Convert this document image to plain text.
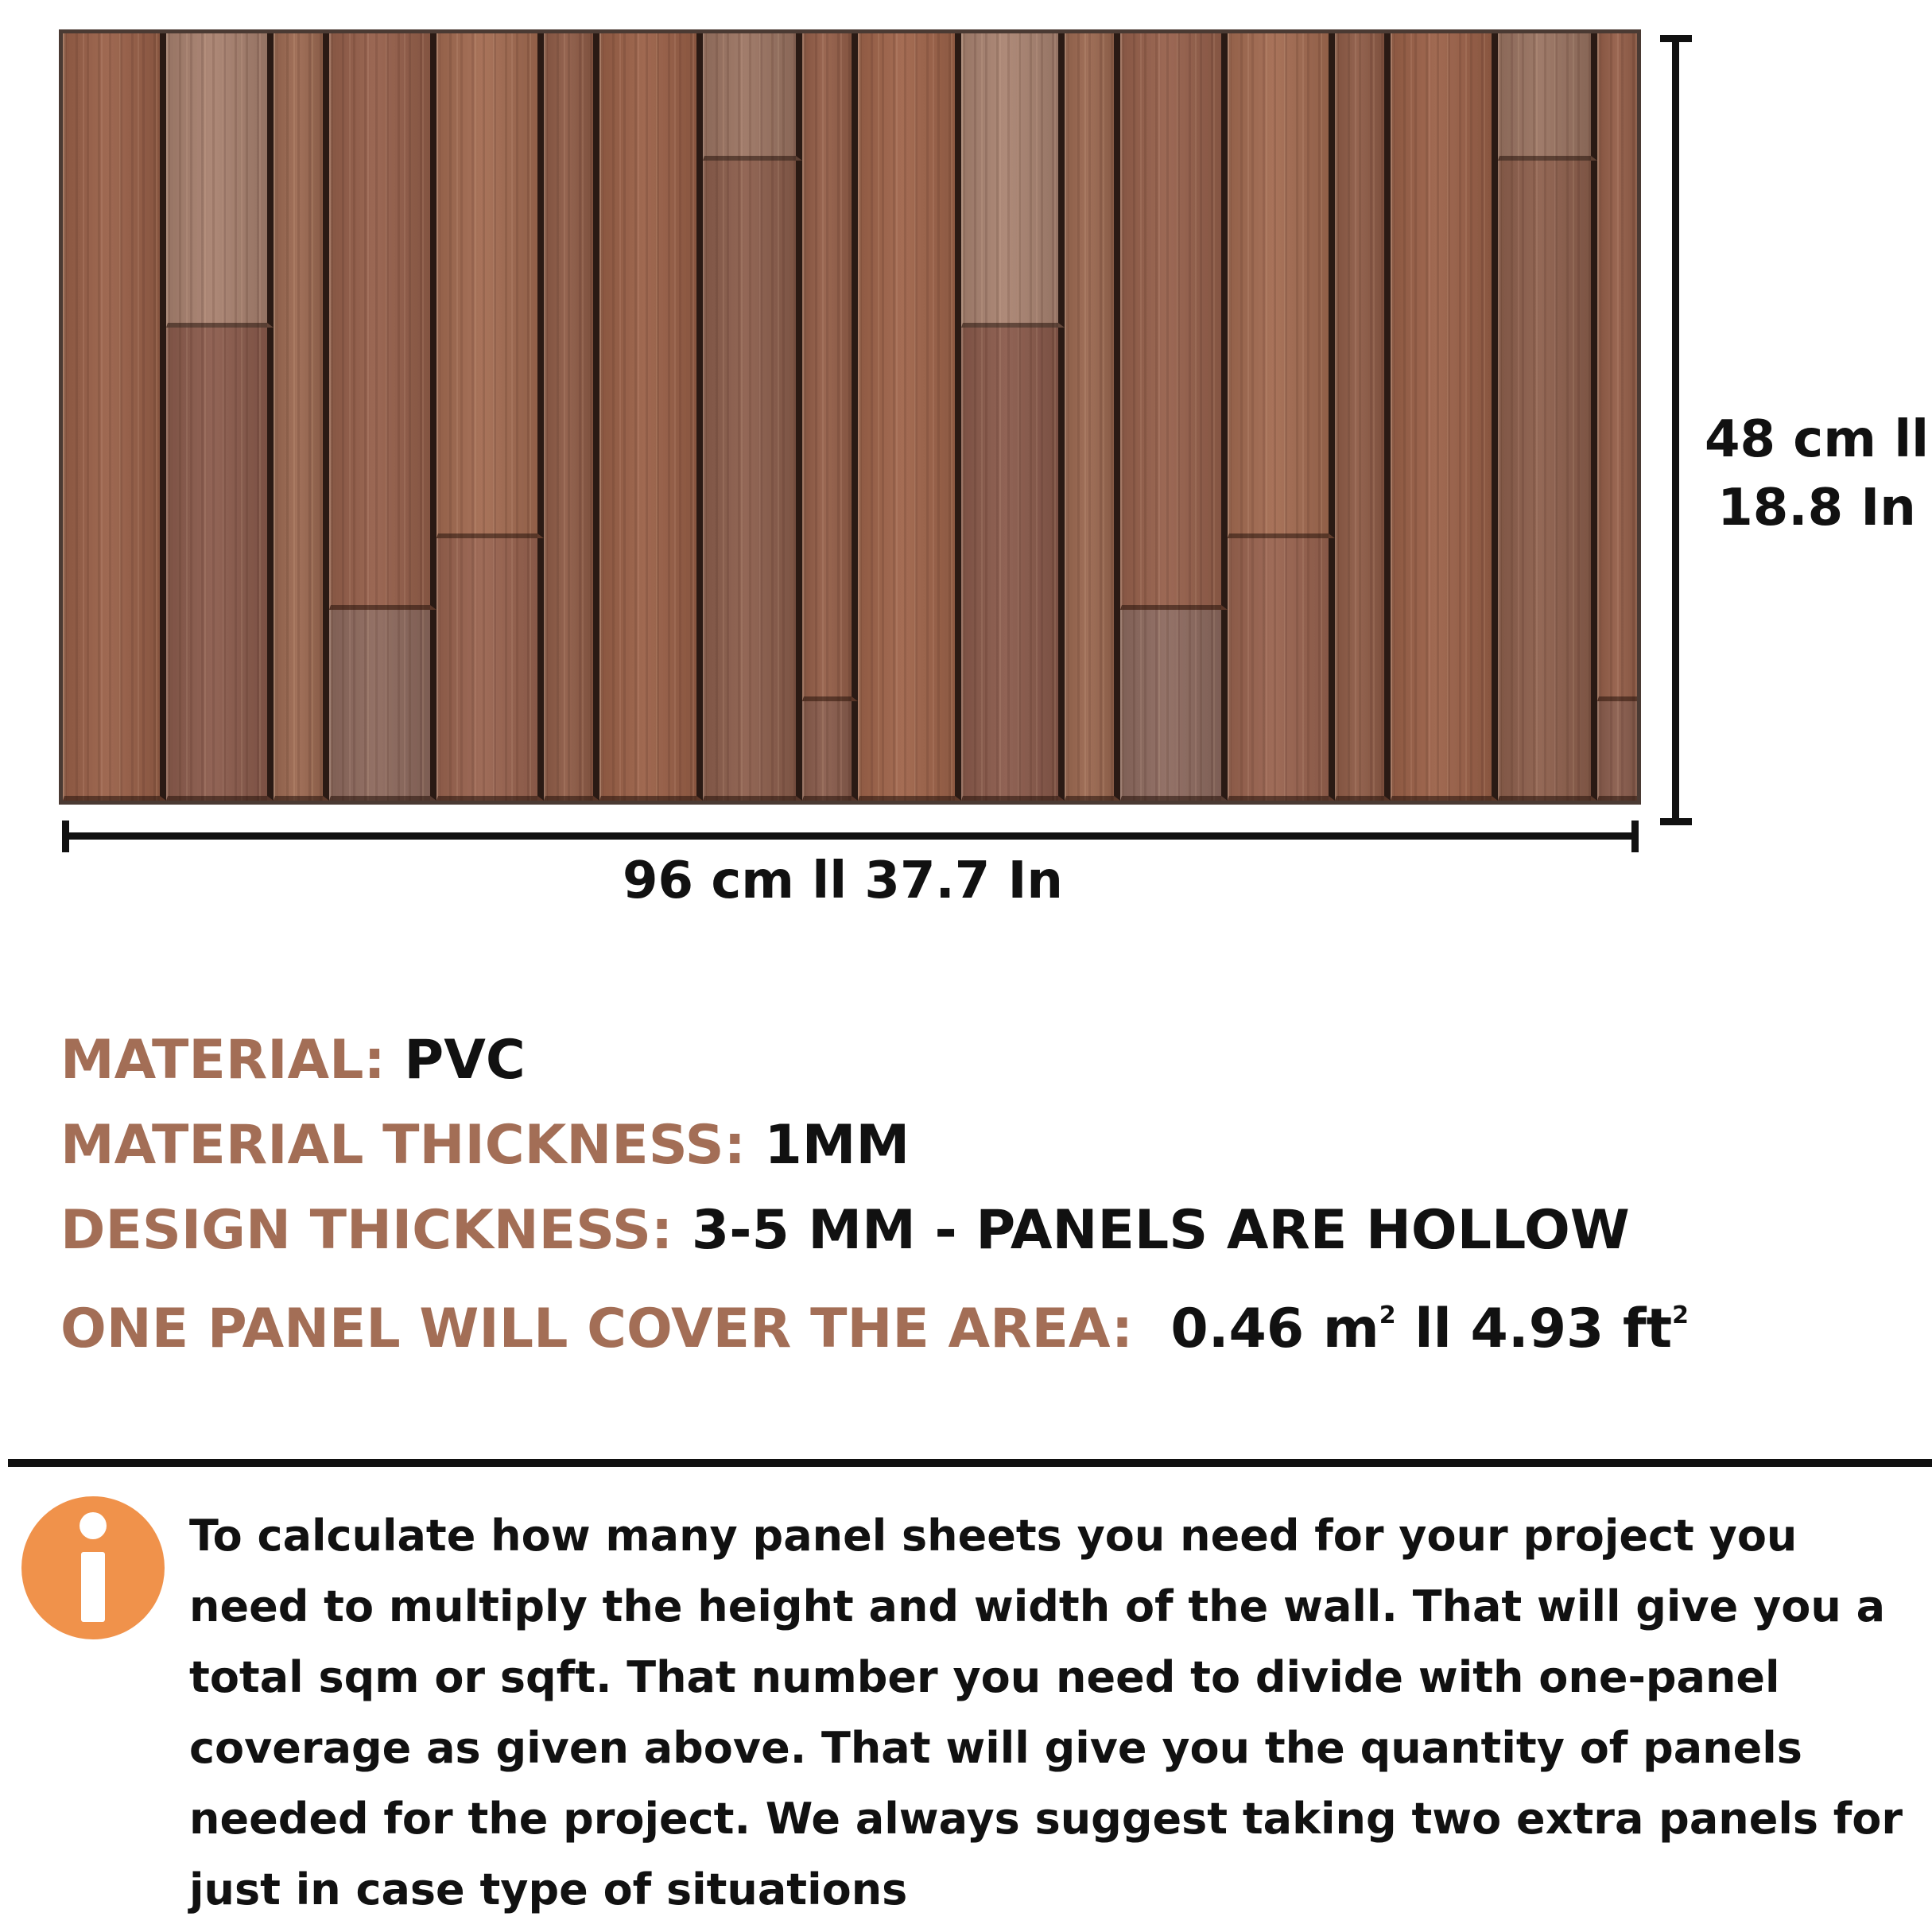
96 cm ll 37.7 In
48 cm ll
18.8 In
MATERIAL: PVC
MATERIAL THICKNESS: 1MM
DESIGN THICKNESS: 3-5 MM - PANELS ARE HOLLOW
ONE PANEL WILL COVER THE AREA: 0.46 $m^2$ ll 4.93 $ft^2$
To calculate how many panel sheets you need for your project you need to multiply the height and width of the wall. That will give you a total sqm or sqft. That number you need to divide with one-panel coverage as given above. That will give you the quantity of panels needed for the project. We always suggest taking two extra panels for just in case type of situations
